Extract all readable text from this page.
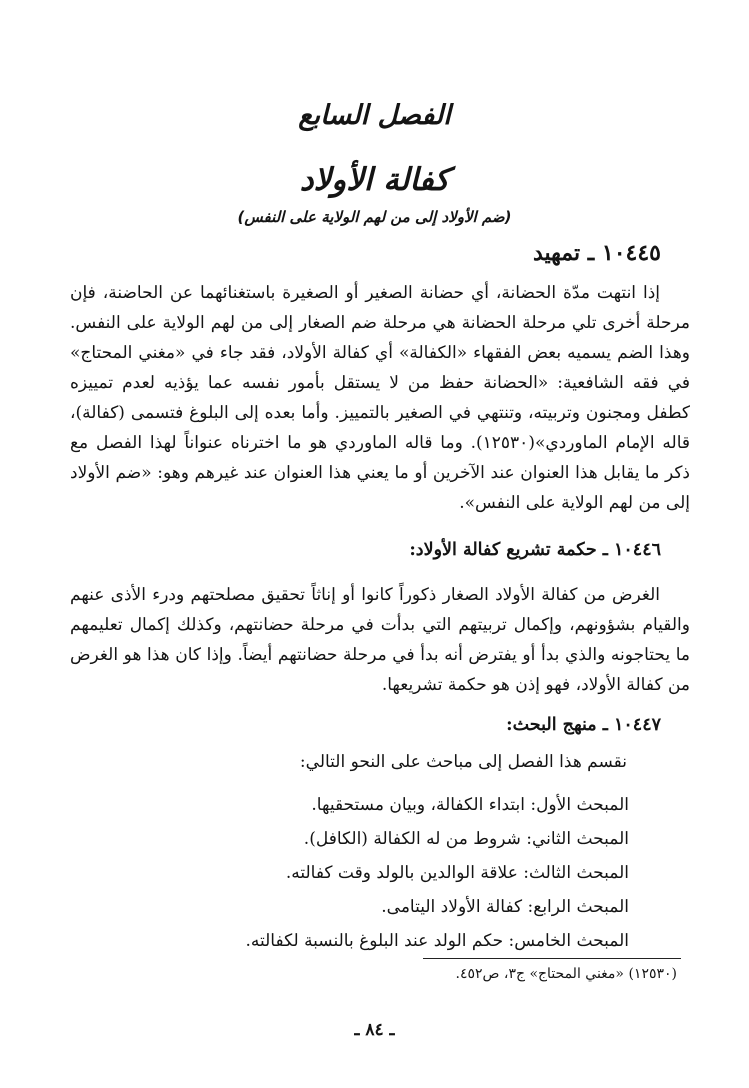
الفصل السابع
كفالة الأولاد
(ضم الأولاد إلى من لهم الولاية على النفس)
١٠٤٤٥ ـ تمهيد
إذا انتهت مدّة الحضانة، أي حضانة الصغير أو الصغيرة باستغنائهما عن الحاضنة، فإن مرحلة أخرى تلي مرحلة الحضانة هي مرحلة ضم الصغار إلى من لهم الولاية على النفس. وهذا الضم يسميه بعض الفقهاء «الكفالة» أي كفالة الأولاد، فقد جاء في «مغني المحتاج» في فقه الشافعية: «الحضانة حفظ من لا يستقل بأمور نفسه عما يؤذيه لعدم تمييزه كطفل ومجنون وتربيته، وتنتهي في الصغير بالتمييز. وأما بعده إلى البلوغ فتسمى (كفالة)، قاله الإمام الماوردي»(١٢٥٣٠). وما قاله الماوردي هو ما اخترناه عنواناً لهذا الفصل مع ذكر ما يقابل هذا العنوان عند الآخرين أو ما يعني هذا العنوان عند غيرهم وهو: «ضم الأولاد إلى من لهم الولاية على النفس».
١٠٤٤٦ ـ حكمة تشريع كفالة الأولاد:
الغرض من كفالة الأولاد الصغار ذكوراً كانوا أو إناثاً تحقيق مصلحتهم ودرء الأذى عنهم والقيام بشؤونهم، وإكمال تربيتهم التي بدأت في مرحلة حضانتهم، وكذلك إكمال تعليمهم ما يحتاجونه والذي بدأ أو يفترض أنه بدأ في مرحلة حضانتهم أيضاً. وإذا كان هذا هو الغرض من كفالة الأولاد، فهو إذن هو حكمة تشريعها.
١٠٤٤٧ ـ منهج البحث:
نقسم هذا الفصل إلى مباحث على النحو التالي:
المبحث الأول: ابتداء الكفالة، وبيان مستحقيها.
المبحث الثاني: شروط من له الكفالة (الكافل).
المبحث الثالث: علاقة الوالدين بالولد وقت كفالته.
المبحث الرابع: كفالة الأولاد اليتامى.
المبحث الخامس: حكم الولد عند البلوغ بالنسبة لكفالته.
(١٢٥٣٠) «مغني المحتاج» ج٣، ص٤٥٢.
ـ ٨٤ ـ
